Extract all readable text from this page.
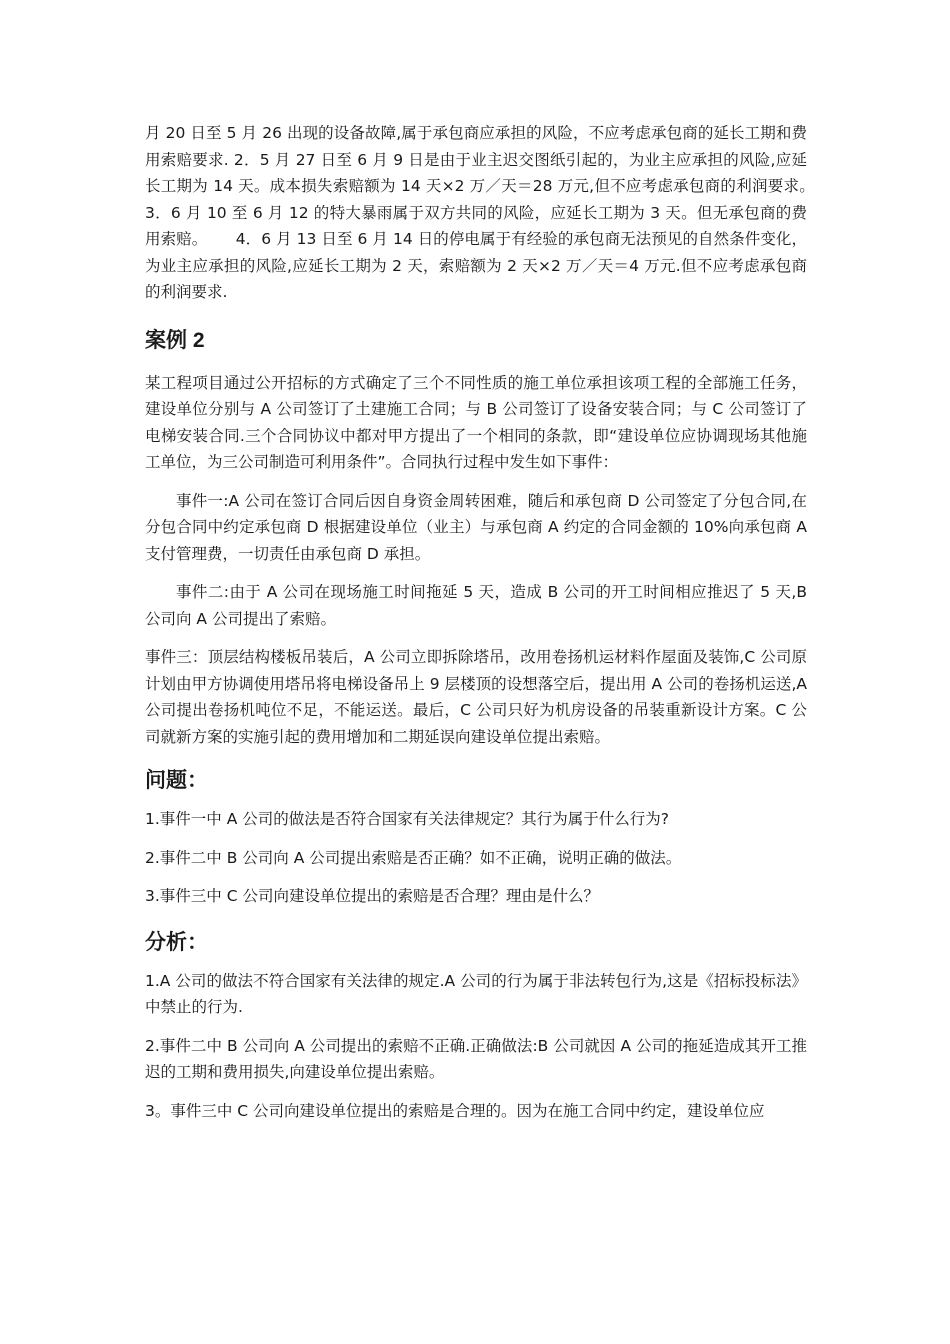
月 20 日至 5 月 26 出现的设备故障,属于承包商应承担的风险，不应考虑承包商的延长工期和费用索赔要求. 2．5 月 27 日至 6 月 9 日是由于业主迟交图纸引起的，为业主应承担的风险,应延长工期为 14 天。成本损失索赔额为 14 天×2 万／天＝28 万元,但不应考虑承包商的利润要求。　　 3．6 月 10 至 6 月 12 的特大暴雨属于双方共同的风险，应延长工期为 3 天。但无承包商的费用索赔。　　 4．6 月 13 日至 6 月 14 日的停电属于有经验的承包商无法预见的自然条件变化，为业主应承担的风险,应延长工期为 2 天，索赔额为 2 天×2 万／天＝4 万元.但不应考虑承包商的利润要求.

案例 2

某工程项目通过公开招标的方式确定了三个不同性质的施工单位承担该项工程的全部施工任务，建设单位分别与 A 公司签订了土建施工合同；与 B 公司签订了设备安装合同；与 C 公司签订了电梯安装合同.三个合同协议中都对甲方提出了一个相同的条款，即“建设单位应协调现场其他施工单位，为三公司制造可利用条件”。合同执行过程中发生如下事件：

事件一:A 公司在签订合同后因自身资金周转困难，随后和承包商 D 公司签定了分包合同,在分包合同中约定承包商 D 根据建设单位（业主）与承包商 A 约定的合同金额的 10%向承包商 A 支付管理费，一切责任由承包商 D 承担。

事件二:由于 A 公司在现场施工时间拖延 5 天，造成 B 公司的开工时间相应推迟了 5 天,B 公司向 A 公司提出了索赔。

事件三：顶层结构楼板吊装后，A 公司立即拆除塔吊，改用卷扬机运材料作屋面及装饰,C 公司原计划由甲方协调使用塔吊将电梯设备吊上 9 层楼顶的设想落空后，提出用 A 公司的卷扬机运送,A 公司提出卷扬机吨位不足，不能运送。最后，C 公司只好为机房设备的吊装重新设计方案。C 公司就新方案的实施引起的费用增加和二期延误向建设单位提出索赔。

问题：

1.事件一中 A 公司的做法是否符合国家有关法律规定？其行为属于什么行为?

2.事件二中 B 公司向 A 公司提出索赔是否正确？如不正确，说明正确的做法。

3.事件三中 C 公司向建设单位提出的索赔是否合理？理由是什么？

分析：

1.A 公司的做法不符合国家有关法律的规定.A 公司的行为属于非法转包行为,这是《招标投标法》中禁止的行为.

2.事件二中 B 公司向 A 公司提出的索赔不正确.正确做法:B 公司就因 A 公司的拖延造成其开工推迟的工期和费用损失,向建设单位提出索赔。

3。事件三中 C 公司向建设单位提出的索赔是合理的。因为在施工合同中约定，建设单位应
